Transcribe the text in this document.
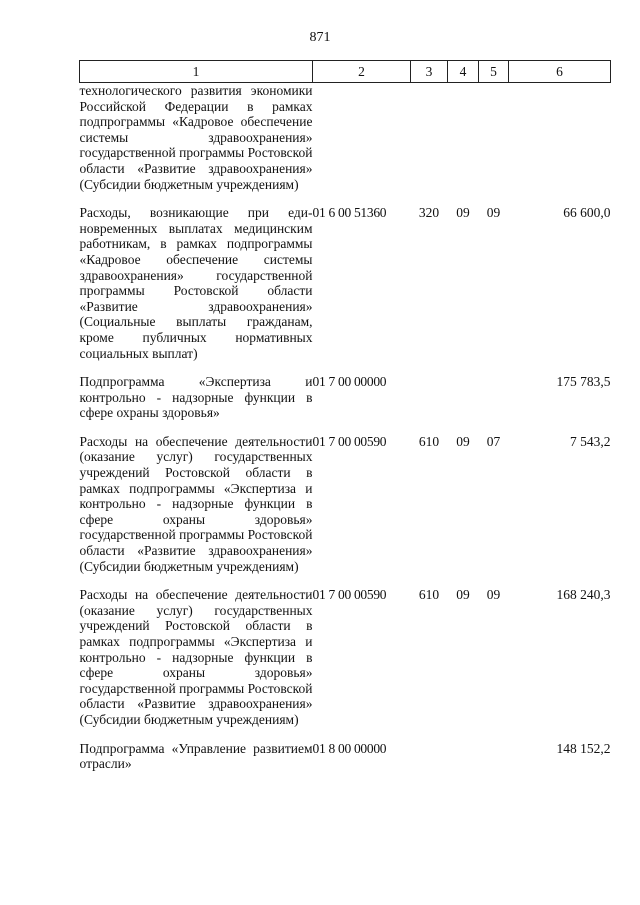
871
1	2	3	4	5	6
технологического развития экономики Российской Федерации в рамках подпрограммы «Кадровое обеспечение системы здравоохранения» государственной программы Ростовской области «Развитие здравоохранения» (Субсидии бюджетным учреждениям)					
Расходы, возникающие при единовременных выплатах медицинским работникам, в рамках подпрограммы «Кадровое обеспечение системы здравоохранения» государственной программы Ростовской области «Развитие здравоохранения» (Социальные выплаты гражданам, кроме публичных нормативных социальных выплат)	01 6 00 51360	320	09	09	66 600,0
Подпрограмма «Экспертиза и контрольно - надзорные функции в сфере охраны здоровья»	01 7 00 00000				175 783,5
Расходы на обеспечение деятельности (оказание услуг) государственных учреждений Ростовской области в рамках подпрограммы «Экспертиза и контрольно - надзорные функции в сфере охраны здоровья» государственной программы Ростовской области «Развитие здравоохранения» (Субсидии бюджетным учреждениям)	01 7 00 00590	610	09	07	7 543,2
Расходы на обеспечение деятельности (оказание услуг) государственных учреждений Ростовской области в рамках подпрограммы «Экспертиза и контрольно - надзорные функции в сфере охраны здоровья» государственной программы Ростовской области «Развитие здравоохранения» (Субсидии бюджетным учреждениям)	01 7 00 00590	610	09	09	168 240,3
Подпрограмма «Управление развитием отрасли»	01 8 00 00000				148 152,2
